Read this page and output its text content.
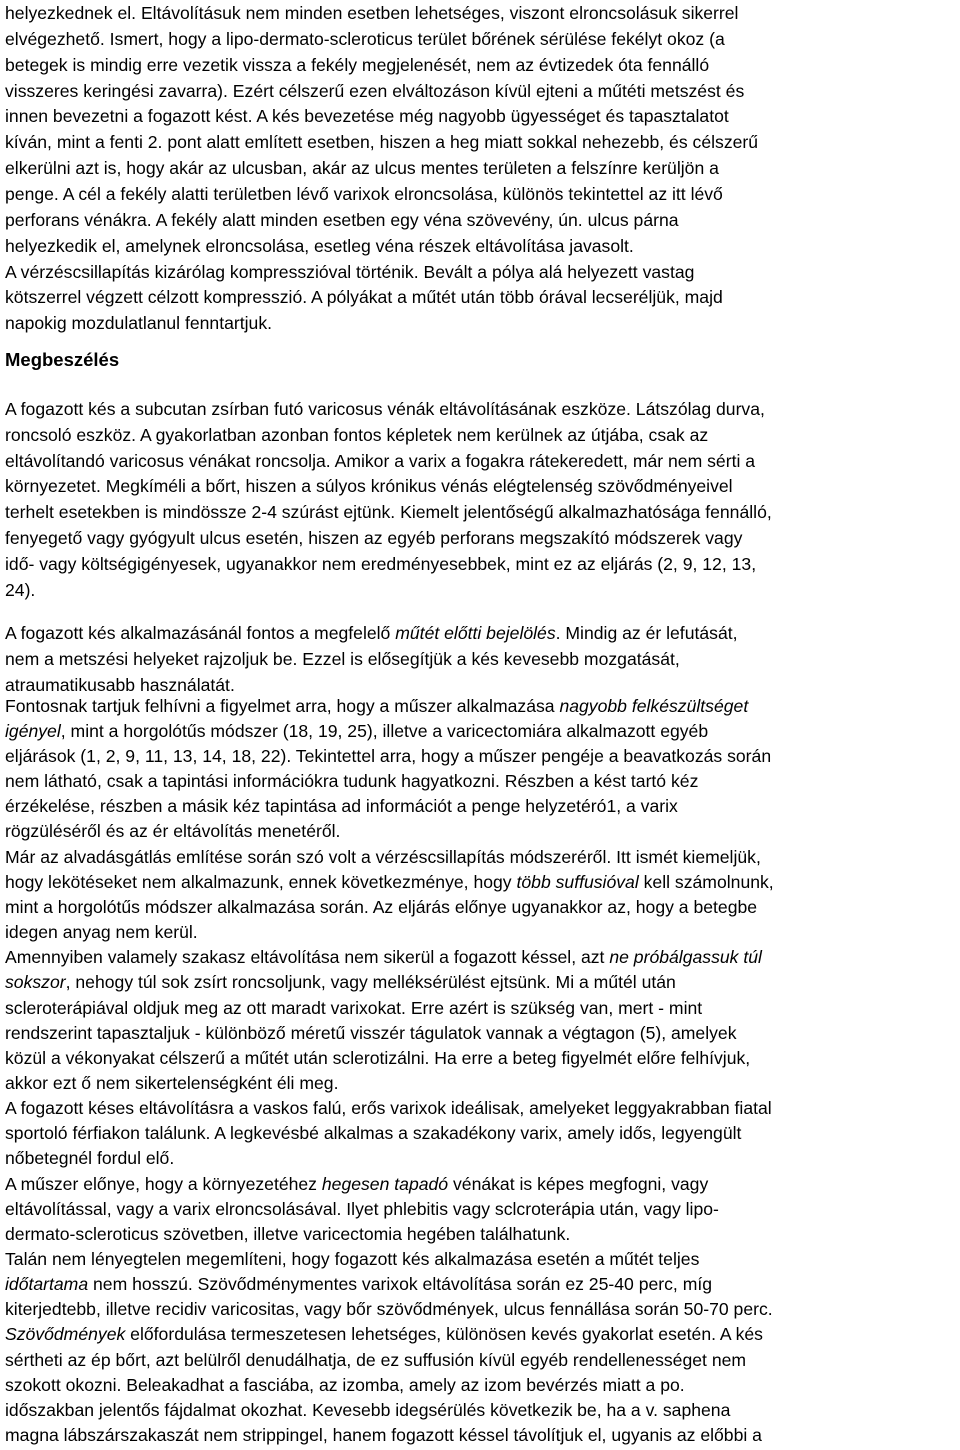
helyezkednek el. Eltávolításuk nem minden esetben lehetséges, viszont elroncsolásuk sikerrel
elvégezhető. Ismert, hogy a lipo-dermato-scleroticus terület bőrének sérülése fekélyt okoz (a
betegek is mindig erre vezetik vissza a fekély megjelenését, nem az évtizedek óta fennálló
visszeres keringési zavarra). Ezért célszerű ezen elváltozáson kívül ejteni a műtéti metszést és
innen bevezetni a fogazott kést. A kés bevezetése még nagyobb ügyességet és tapasztalatot
kíván, mint a fenti 2. pont alatt említett esetben, hiszen a heg miatt sokkal nehezebb, és célszerű
elkerülni azt is, hogy akár az ulcusban, akár az ulcus mentes területen a felszínre kerüljön a
penge. A cél a fekély alatti területben lévő varixok elroncsolása, különös tekintettel az itt lévő
perforans vénákra. A fekély alatt minden esetben egy véna szövevény, ún. ulcus párna
helyezkedik el, amelynek elroncsolása, esetleg véna részek eltávolítása javasolt.
A vérzéscsillapítás kizárólag kompresszióval történik. Bevált a pólya alá helyezett vastag
kötszerrel végzett célzott kompresszió. A pólyákat a műtét után több órával lecseréljük, majd
napokig mozdulatlanul fenntartjuk.
Megbeszélés
A fogazott kés a subcutan zsírban futó varicosus vénák eltávolításának eszköze. Látszólag durva,
roncsoló eszköz. A gyakorlatban azonban fontos képletek nem kerülnek az útjába, csak az
eltávolítandó varicosus vénákat roncsolja. Amikor a varix a fogakra rátekeredett, már nem sérti a
környezetet. Megkíméli a bőrt, hiszen a súlyos krónikus vénás elégtelenség szövődményeivel
terhelt esetekben is mindössze 2-4 szúrást ejtünk. Kiemelt jelentőségű alkalmazhatósága fennálló,
fenyegető vagy gyógyult ulcus esetén, hiszen az egyéb perforans megszakító módszerek vagy
idő- vagy költségigényesek, ugyanakkor nem eredményesebbek, mint ez az eljárás (2, 9, 12, 13,
24).
A fogazott kés alkalmazásánál fontos a megfelelő műtét előtti bejelölés. Mindig az ér lefutását,
nem a metszési helyeket rajzoljuk be. Ezzel is elősegítjük a kés kevesebb mozgatását,
atraumatikusabb használatát.
Fontosnak tartjuk felhívni a figyelmet arra, hogy a műszer alkalmazása nagyobb felkészültséget
igényel, mint a horgolótűs módszer (18, 19, 25), illetve a varicectomiára alkalmazott egyéb
eljárások (1, 2, 9, 11, 13, 14, 18, 22). Tekintettel arra, hogy a műszer pengéje a beavatkozás során
nem látható, csak a tapintási információkra tudunk hagyatkozni. Részben a kést tartó kéz
érzékelése, részben a másik kéz tapintása ad információt a penge helyzetéró1, a varix
rögzüléséről és az ér eltávolítás menetéről.
Már az alvadásgátlás említése során szó volt a vérzéscsillapítás módszeréről. Itt ismét kiemeljük,
hogy lekötéseket nem alkalmazunk, ennek következménye, hogy több suffusióval kell számolnunk,
mint a horgolótűs módszer alkalmazása során. Az eljárás előnye ugyanakkor az, hogy a betegbe
idegen anyag nem kerül.
Amennyiben valamely szakasz eltávolítása nem sikerül a fogazott késsel, azt ne próbálgassuk túl
sokszor, nehogy túl sok zsírt roncsoljunk, vagy melléksérülést ejtsünk. Mi a műtél után
scleroterápiával oldjuk meg az ott maradt varixokat. Erre azért is szükség van, mert - mint
rendszerint tapasztaljuk - különböző méretű visszér tágulatok vannak a végtagon (5), amelyek
közül a vékonyakat célszerű a műtét után sclerotizálni. Ha erre a beteg figyelmét előre felhívjuk,
akkor ezt ő nem sikertelenségként éli meg.
A fogazott késes eltávolításra a vaskos falú, erős varixok ideálisak, amelyeket leggyakrabban fiatal
sportoló férfiakon találunk. A legkevésbé alkalmas a szakadékony varix, amely idős, legyengült
nőbetegnél fordul elő.
A műszer előnye, hogy a környezetéhez hegesen tapadó vénákat is képes megfogni, vagy
eltávolítással, vagy a varix elroncsolásával. Ilyet phlebitis vagy sclcroterápia után, vagy lipo-
dermato-scleroticus szövetben, illetve varicectomia hegében találhatunk.
Talán nem lényegtelen megemlíteni, hogy fogazott kés alkalmazása esetén a műtét teljes
időtartama nem hosszú. Szövődménymentes varixok eltávolítása során ez 25-40 perc, míg
kiterjedtebb, illetve recidiv varicositas, vagy bőr szövődmények, ulcus fennállása során 50-70 perc.
Szövődmények előfordulása termeszetesen lehetséges, különösen kevés gyakorlat esetén. A kés
sértheti az ép bőrt, azt belülről denudálhatja, de ez suffusión kívül egyéb rendellenességet nem
szokott okozni. Beleakadhat a fasciába, az izomba, amely az izom bevérzés miatt a po.
időszakban jelentős fájdalmat okozhat. Kevesebb idegsérülés következik be, ha a v. saphena
magna lábszárszakaszát nem strippingel, hanem fogazott késsel távolítjuk el, ugyanis az előbbi a
